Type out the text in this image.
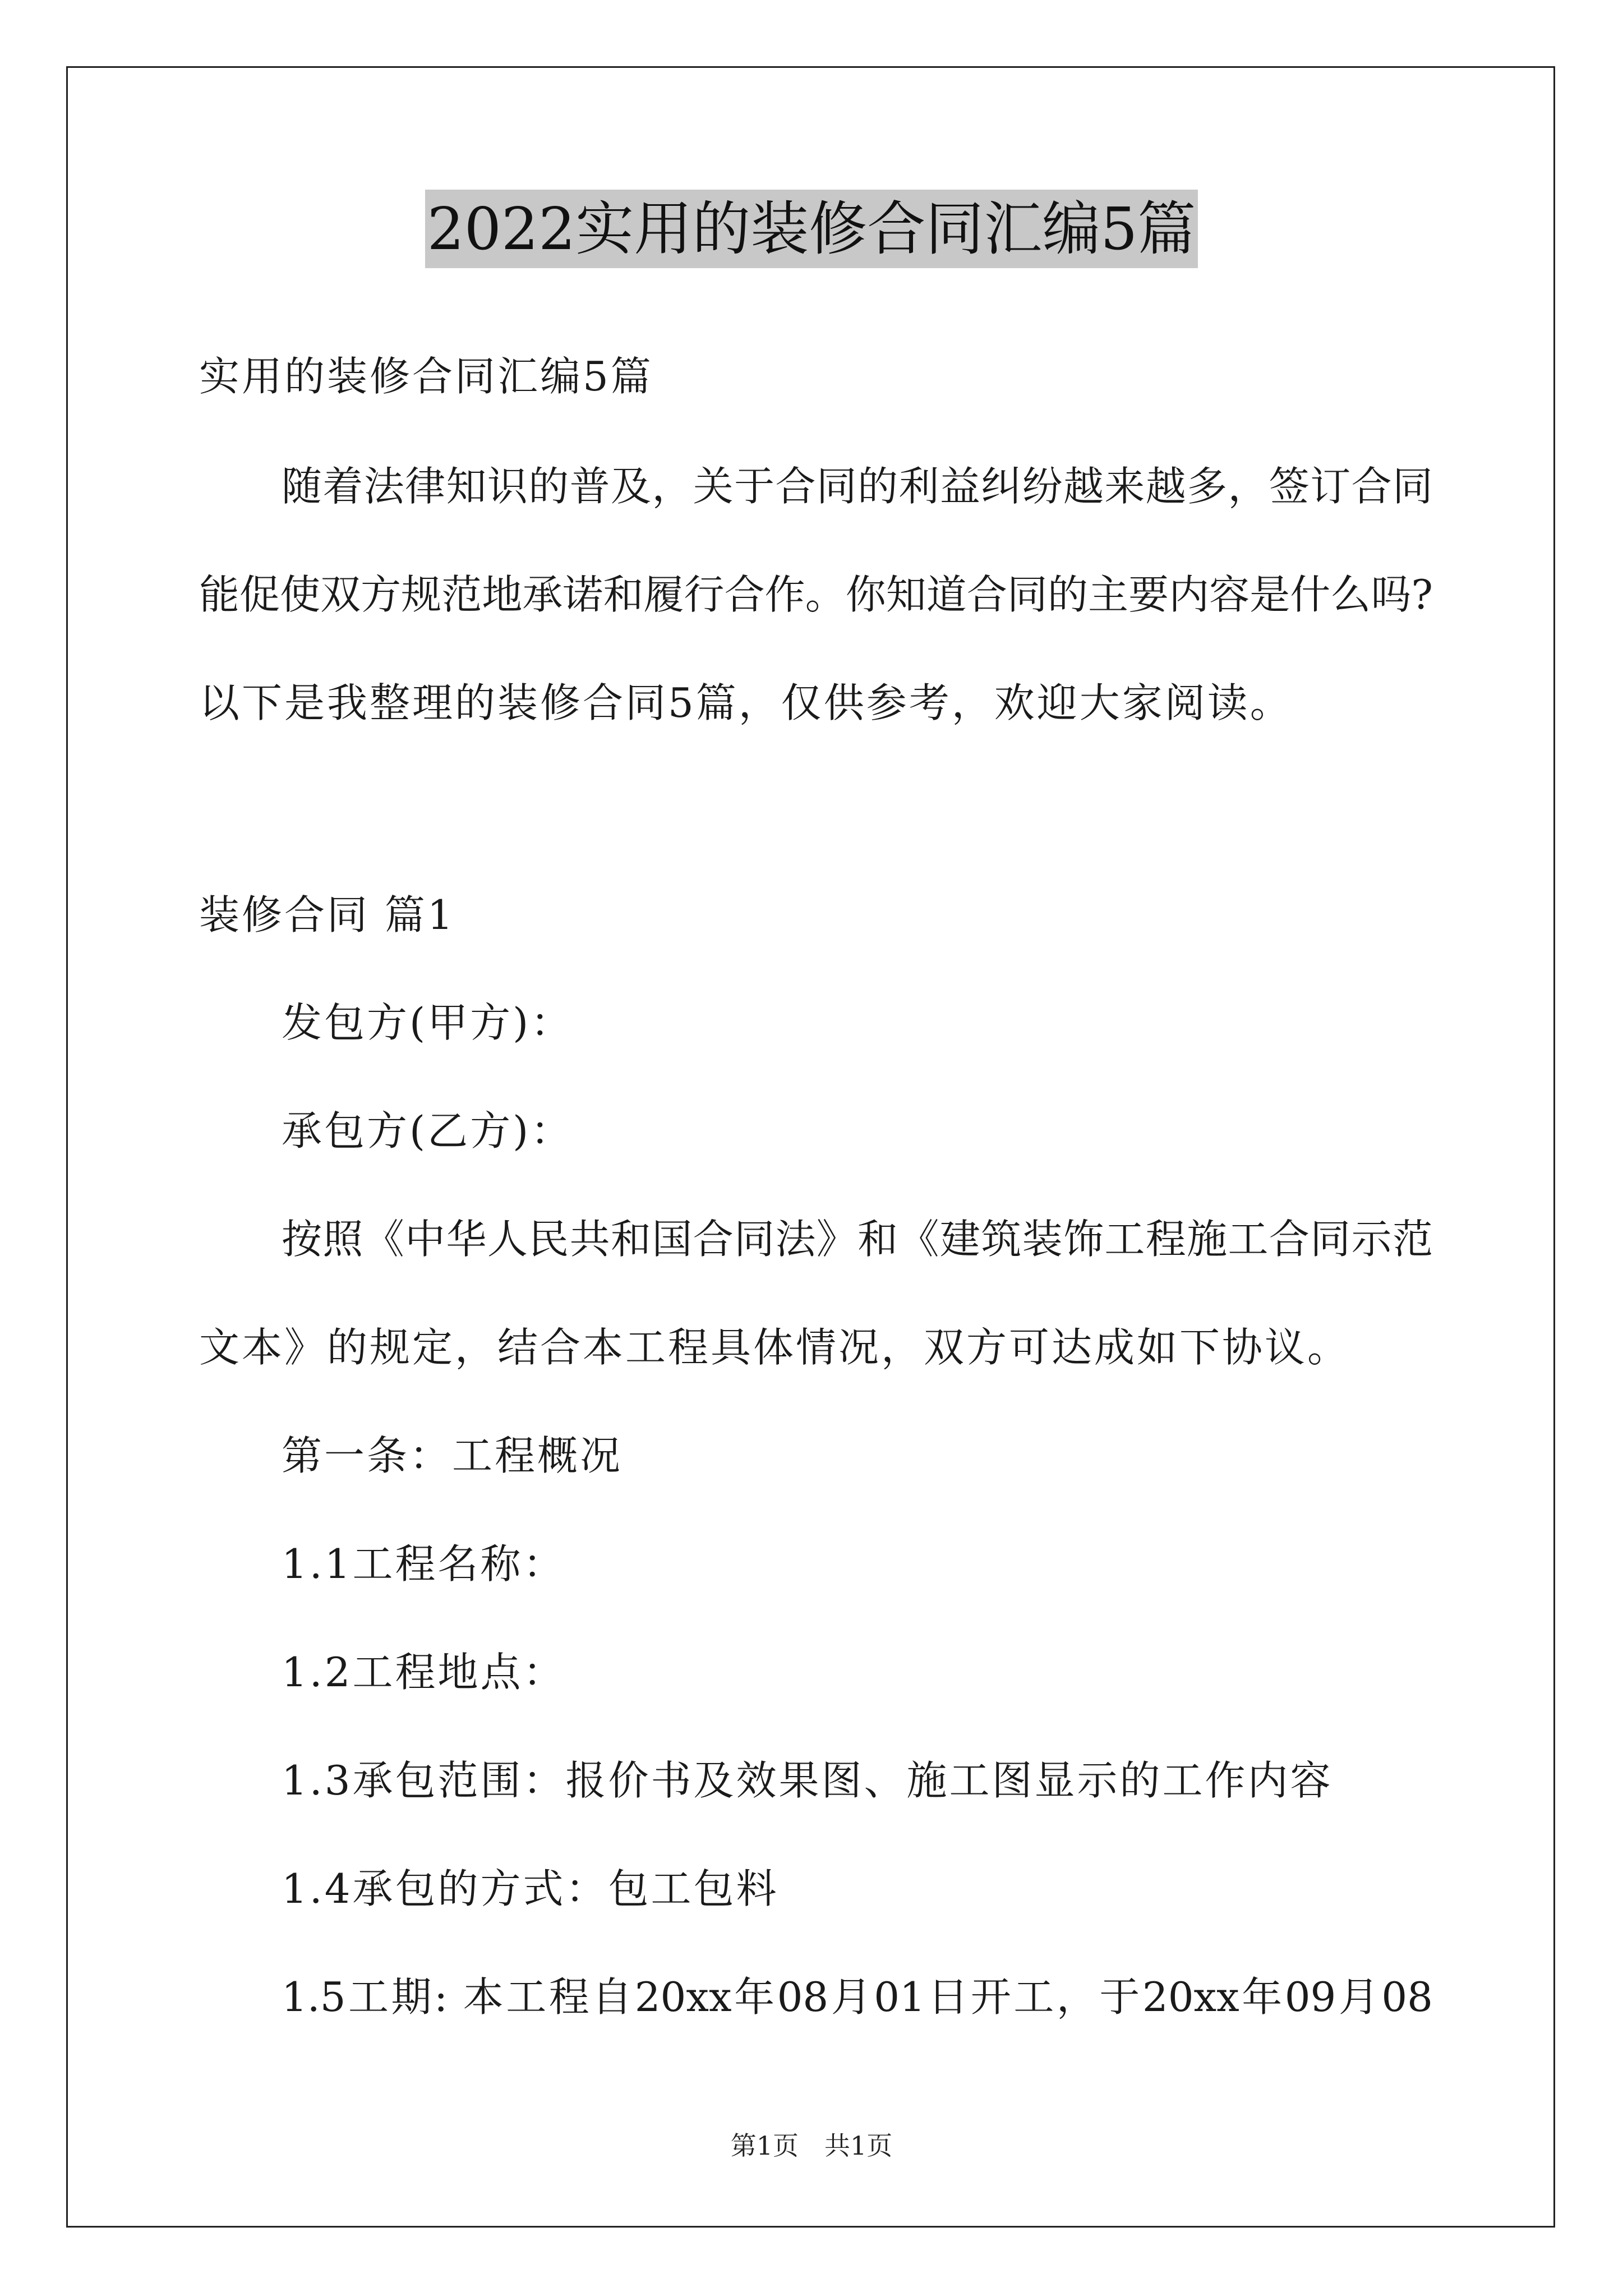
2022实用的装修合同汇编5篇
实用的装修合同汇编5篇
随着法律知识的普及，关于合同的利益纠纷越来越多，签订合同
能促使双方规范地承诺和履行合作。你知道合同的主要内容是什么吗?
以下是我整理的装修合同5篇，仅供参考，欢迎大家阅读。
装修合同 篇1
发包方(甲方)：
承包方(乙方)：
按照《中华人民共和国合同法》和《建筑装饰工程施工合同示范
文本》的规定，结合本工程具体情况，双方可达成如下协议。
第一条：工程概况
1.1工程名称：
1.2工程地点：
1.3承包范围：报价书及效果图、施工图显示的工作内容
1.4承包的方式：包工包料
1.5工期: 本工程自20xx年08月01日开工，于20xx年09月08
第1页　共1页
